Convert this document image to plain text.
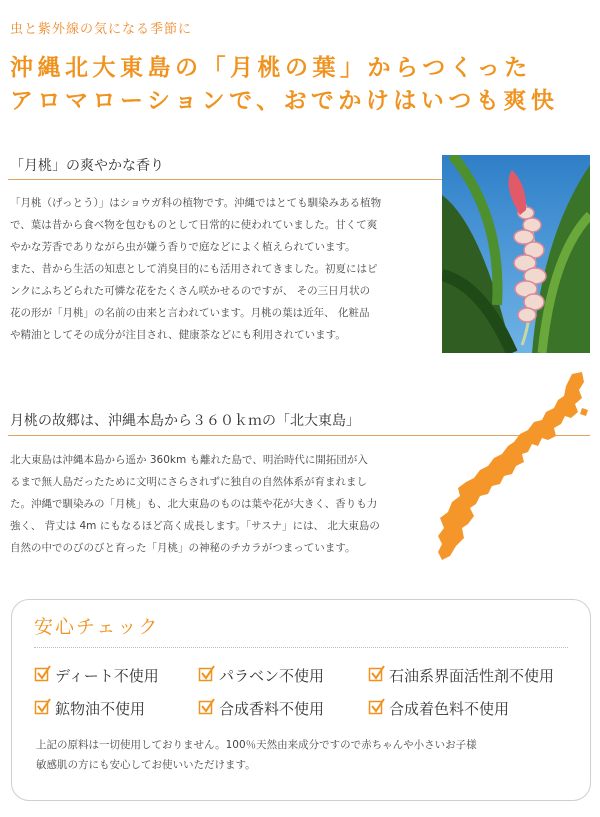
虫と紫外線の気になる季節に
沖縄北大東島の「月桃の葉」からつくった
アロマローションで、おでかけはいつも爽快
「月桃」の爽やかな香り

「月桃（げっとう）」はショウガ科の植物です。沖縄ではとても馴染みある植物

で、葉は昔から食べ物を包むものとして日常的に使われていました。甘くて爽

やかな芳香でありながら虫が嫌う香りで庭などによく植えられています。

また、昔から生活の知恵として消臭目的にも活用されてきました。初夏にはピ

ンクにふちどられた可憐な花をたくさん咲かせるのですが、 その三日月状の

花の形が「月桃」の名前の由来と言われています。月桃の葉は近年、 化粧品

や精油としてその成分が注目され、健康茶などにも利用されています。

月桃の故郷は、沖縄本島から３６０ｋｍの「北大東島」

北大東島は沖縄本島から遥か 360km も離れた島で、明治時代に開拓団が入

るまで無人島だったために文明にさらされずに独自の自然体系が育まれまし

た。沖縄で馴染みの「月桃」も、北大東島のものは葉や花が大きく、香りも力

強く、 背丈は 4m にもなるほど高く成長します。「サスナ」には、 北大東島の

自然の中でのびのびと育った「月桃」の神秘のチカラがつまっています。

安心チェック
ディート不使用	パラベン不使用	石油系界面活性剤不使用
鉱物油不使用	合成香料不使用	合成着色料不使用
上記の原料は一切使用しておりません。100％天然由来成分ですので赤ちゃんや小さいお子様
敏感肌の方にも安心してお使いいただけます。
